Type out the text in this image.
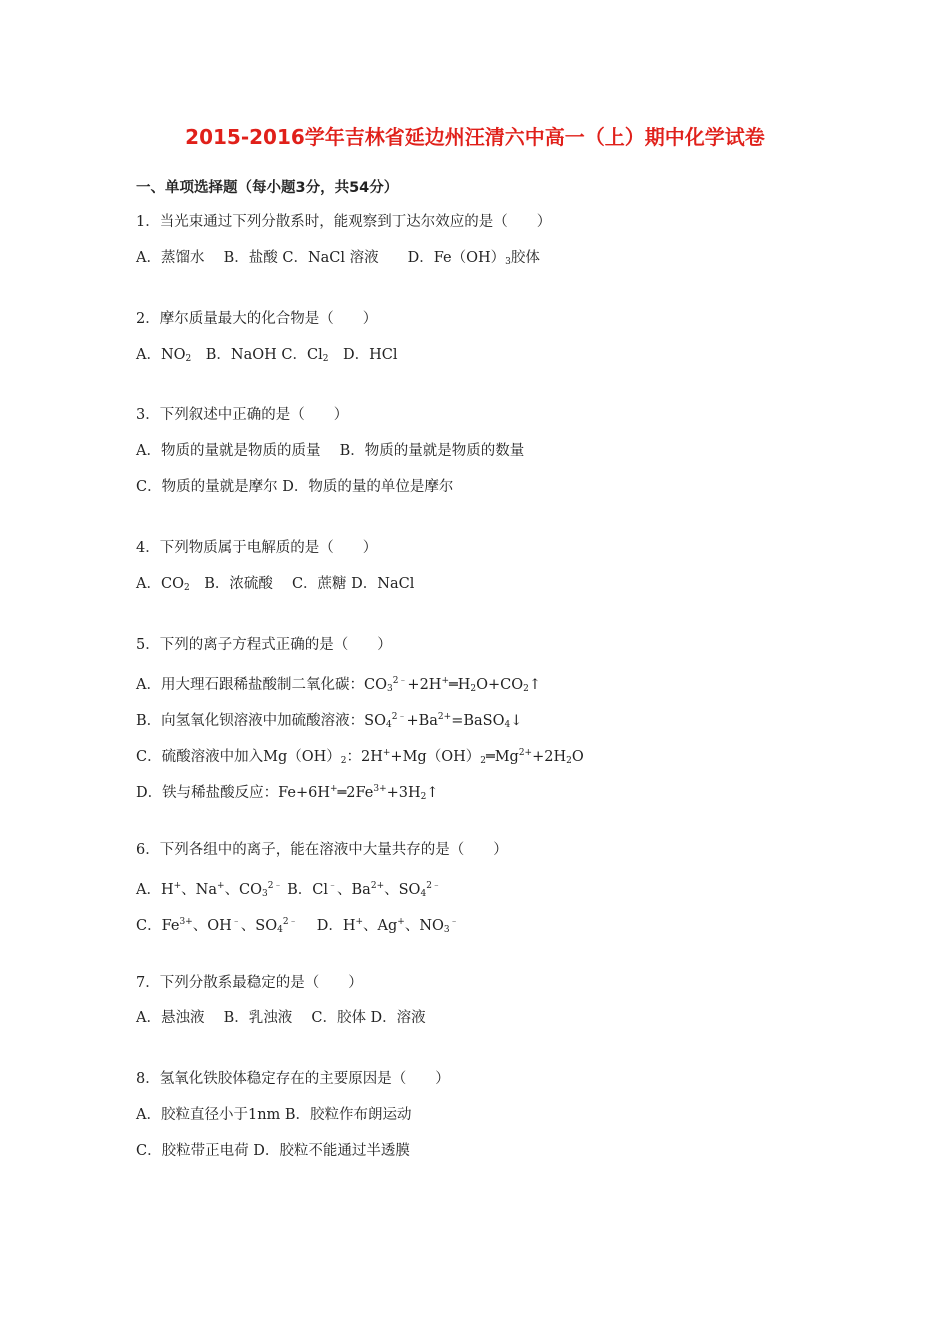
2015-2016学年吉林省延边州汪清六中高一（上）期中化学试卷
一、单项选择题（每小题3分，共54分）
1．当光束通过下列分散系时，能观察到丁达尔效应的是（　　）
A．蒸馏水　 B．盐酸 C．NaCl 溶液　　D．$Fe(OH)_3$胶体
2．摩尔质量最大的化合物是（　　）
A．$NO_2$　B．NaOH C．$Cl_2$　D．HCl
3．下列叙述中正确的是（　　）
A．物质的量就是物质的质量　 B．物质的量就是物质的数量
C．物质的量就是摩尔 D．物质的量的单位是摩尔
4．下列物质属于电解质的是（　　）
A．$CO_2$　B．浓硫酸　 C．蔗糖 D．NaCl
5．下列的离子方程式正确的是（　　）
A．用大理石跟稀盐酸制二氧化碳：$CO_3^{2﹣}+2H^+═H_2O+CO_2↑$
B．向氢氧化钡溶液中加硫酸溶液：$SO_4^{2﹣}+Ba^{2+}=BaSO_4↓$
C．硫酸溶液中加入$Mg(OH)_2$：$2H^++Mg(OH)_2═Mg^{2+}+2H_2O$
D．铁与稀盐酸反应：$Fe+6H^+═2Fe^{3+}+3H_2↑$
6．下列各组中的离子，能在溶液中大量共存的是（　　）
A．H+、Na+、$CO_3^{2﹣}$ B．Cl﹣、$Ba^{2+}$、$SO_4^{2﹣}$
C．$Fe^{3+}$、OH﹣、$SO_4^{2﹣}$　 D．H+、Ag+、$NO_3^﹣$
7．下列分散系最稳定的是（　　）
A．悬浊液　 B．乳浊液　 C．胶体 D．溶液
8．氢氧化铁胶体稳定存在的主要原因是（　　）
A．胶粒直径小于1nm B．胶粒作布朗运动
C．胶粒带正电荷 D．胶粒不能通过半透膜
